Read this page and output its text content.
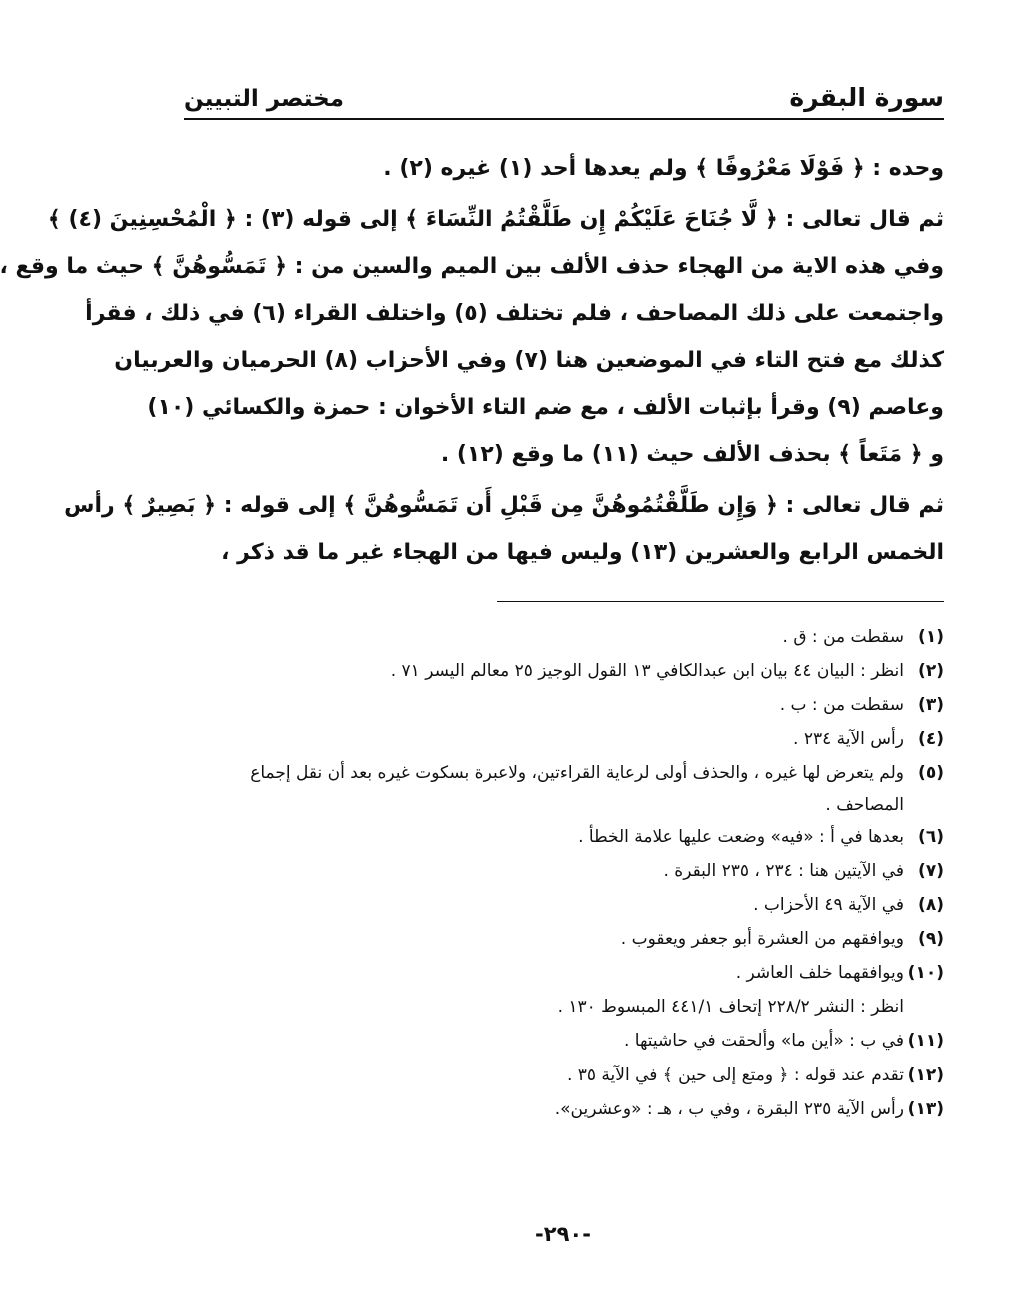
سورة البقرة
مختصر التبيين
وحده : ﴿ فَوْلَا مَعْرُوفًا ﴾ ولم يعدها أحد (١) غيره (٢) .
ثم قال تعالى : ﴿ لَّا جُنَاحَ عَلَيْكُمْ إِن طَلَّقْتُمُ النِّسَاءَ ﴾ إلى قوله (٣) : ﴿ الْمُحْسِنِينَ (٤) ﴾
وفي هذه الاية من الهجاء حذف الألف بين الميم والسين من : ﴿ تَمَسُّوهُنَّ ﴾ حيث ما وقع ،
واجتمعت على ذلك المصاحف ، فلم تختلف (٥) واختلف القراء (٦) في ذلك ، فقرأ
كذلك مع فتح التاء في الموضعين هنا (٧) وفي الأحزاب (٨) الحرميان والعربيان
وعاصم (٩) وقرأ بإثبات الألف ، مع ضم التاء الأخوان : حمزة والكسائي (١٠)
و ﴿ مَتَعاً ﴾ بحذف الألف حيث (١١) ما وقع (١٢) .
ثم قال تعالى : ﴿ وَإِن طَلَّقْتُمُوهُنَّ مِن قَبْلِ أَن تَمَسُّوهُنَّ ﴾ إلى قوله : ﴿ بَصِيرٌ ﴾ رأس
الخمس الرابع والعشرين (١٣) وليس فيها من الهجاء غير ما قد ذكر ،
(١)
سقطت من : ق .
(٢)
انظر : البيان ٤٤ بيان ابن عبدالكافي ١٣ القول الوجيز ٢٥ معالم اليسر ٧١ .
(٣)
سقطت من : ب .
(٤)
رأس الآية ٢٣٤ .
(٥)
ولم يتعرض لها غيره ، والحذف أولى لرعاية القراءتين، ولاعبرة بسكوت غيره بعد أن نقل إجماع
المصاحف .
(٦)
بعدها في أ : «فيه» وضعت عليها علامة الخطأ .
(٧)
في الآيتين هنا : ٢٣٤ ، ٢٣٥ البقرة .
(٨)
في الآية ٤٩ الأحزاب .
(٩)
ويوافقهم من العشرة أبو جعفر ويعقوب .
(١٠)
ويوافقهما خلف العاشر .
انظر : النشر ٢٢٨/٢ إتحاف ٤٤١/١ المبسوط ١٣٠ .
(١١)
في ب : «أين ما» وألحقت في حاشيتها .
(١٢)
تقدم عند قوله : ﴿ ومتع إلى حين ﴾ في الآية ٣٥ .
(١٣)
رأس الآية ٢٣٥ البقرة ، وفي ب ، هـ : «وعشرين».
-٢٩٠-
